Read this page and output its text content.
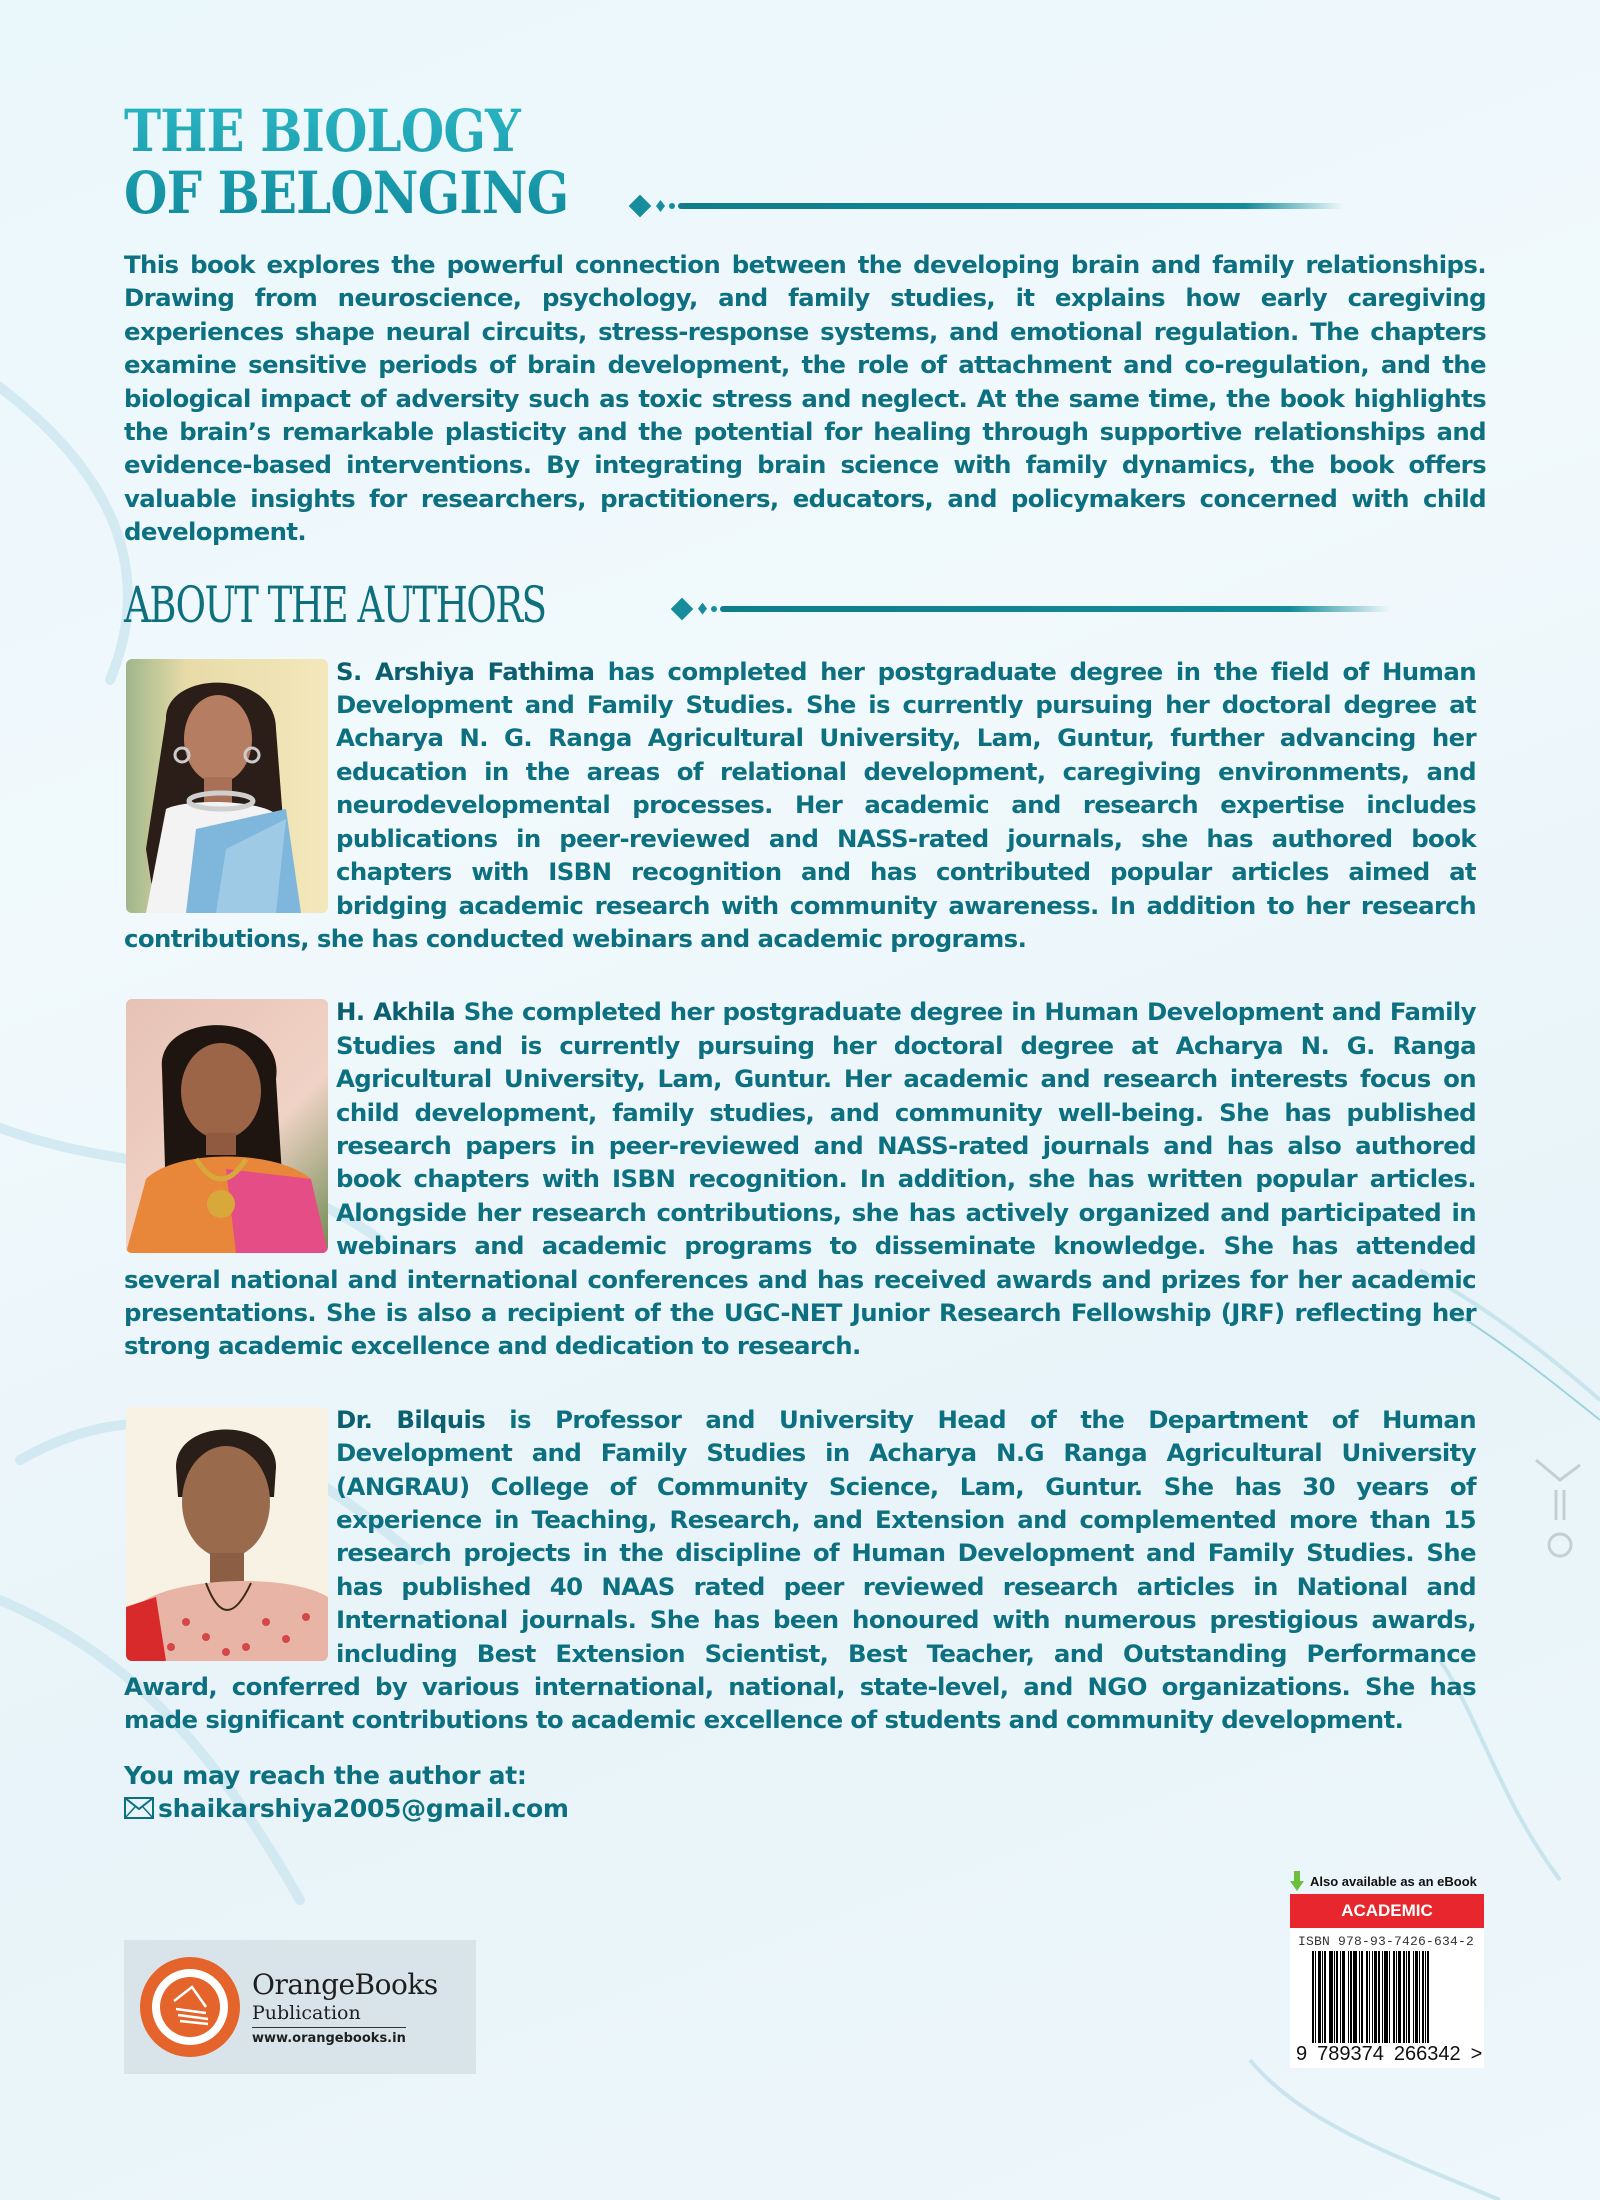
THE BIOLOGY
OF BELONGING

This book explores the powerful connection between the developing brain and family relationships. Drawing from neuroscience, psychology, and family studies, it explains how early caregiving experiences shape neural circuits, stress-response systems, and emotional regulation. The chapters examine sensitive periods of brain development, the role of attachment and co-regulation, and the biological impact of adversity such as toxic stress and neglect. At the same time, the book highlights the brain’s remarkable plasticity and the potential for healing through supportive relationships and evidence-based interventions. By integrating brain science with family dynamics, the book offers valuable insights for researchers, practitioners, educators, and policymakers concerned with child development.

ABOUT THE AUTHORS
S. Arshiya Fathima has completed her postgraduate degree in the field of Human Development and Family Studies. She is currently pursuing her doctoral degree at Acharya N. G. Ranga Agricultural University, Lam, Guntur, further advancing her education in the areas of relational development, caregiving environments, and neurodevelopmental processes. Her academic and research expertise includes publications in peer-reviewed and NASS-rated journals, she has authored book chapters with ISBN recognition and has contributed popular articles aimed at bridging academic research with community awareness. In addition to her research contributions, she has conducted webinars and academic programs.
H. Akhila She completed her postgraduate degree in Human Development and Family Studies and is currently pursuing her doctoral degree at Acharya N. G. Ranga Agricultural University, Lam, Guntur. Her academic and research interests focus on child development, family studies, and community well-being. She has published research papers in peer-reviewed and NASS-rated journals and has also authored book chapters with ISBN recognition. In addition, she has written popular articles. Alongside her research contributions, she has actively organized and participated in webinars and academic programs to disseminate knowledge. She has attended several national and international conferences and has received awards and prizes for her academic presentations. She is also a recipient of the UGC-NET Junior Research Fellowship (JRF) reflecting her strong academic excellence and dedication to research.
Dr. Bilquis is Professor and University Head of the Department of Human Development and Family Studies in Acharya N.G Ranga Agricultural University (ANGRAU) College of Community Science, Lam, Guntur. She has 30 years of experience in Teaching, Research, and Extension and complemented more than 15 research projects in the discipline of Human Development and Family Studies. She has published 40 NAAS rated peer reviewed research articles in National and International journals. She has been honoured with numerous prestigious awards, including Best Extension Scientist, Best Teacher, and Outstanding Performance Award, conferred by various international, national, state-level, and NGO organizations. She has made significant contributions to academic excellence of students and community development.
You may reach the author at:
shaikarshiya2005@gmail.com
OrangeBooks
Publication
www.orangebooks.in
Also available as an eBook
ACADEMIC
ISBN 978-93-7426-634-2
9 789374 266342 >
